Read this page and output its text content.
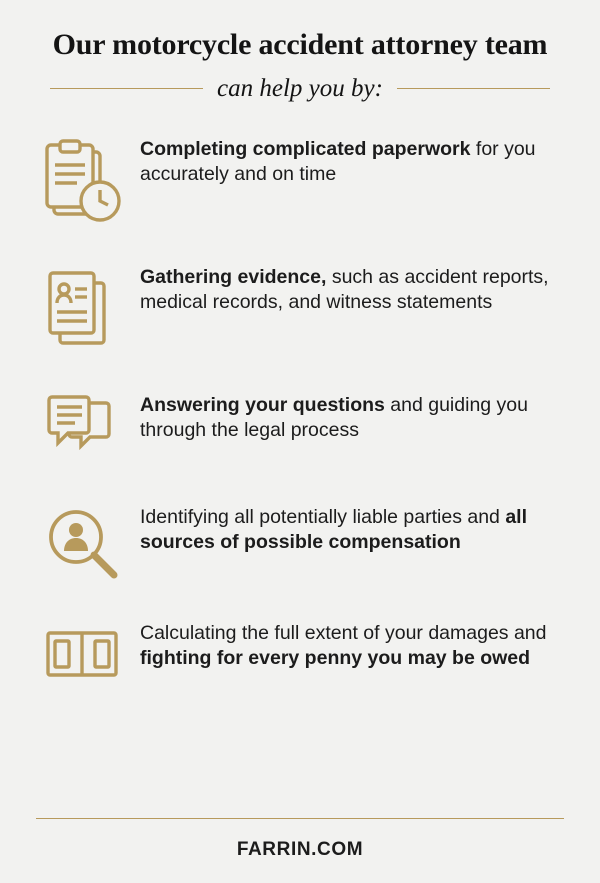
Our motorcycle accident attorney team
can help you by:
Completing complicated paperwork for you accurately and on time
Gathering evidence, such as accident reports, medical records, and witness statements
Answering your questions and guiding you through the legal process
Identifying all potentially liable parties and all sources of possible compensation
Calculating the full extent of your damages and fighting for every penny you may be owed
FARRIN.COM
